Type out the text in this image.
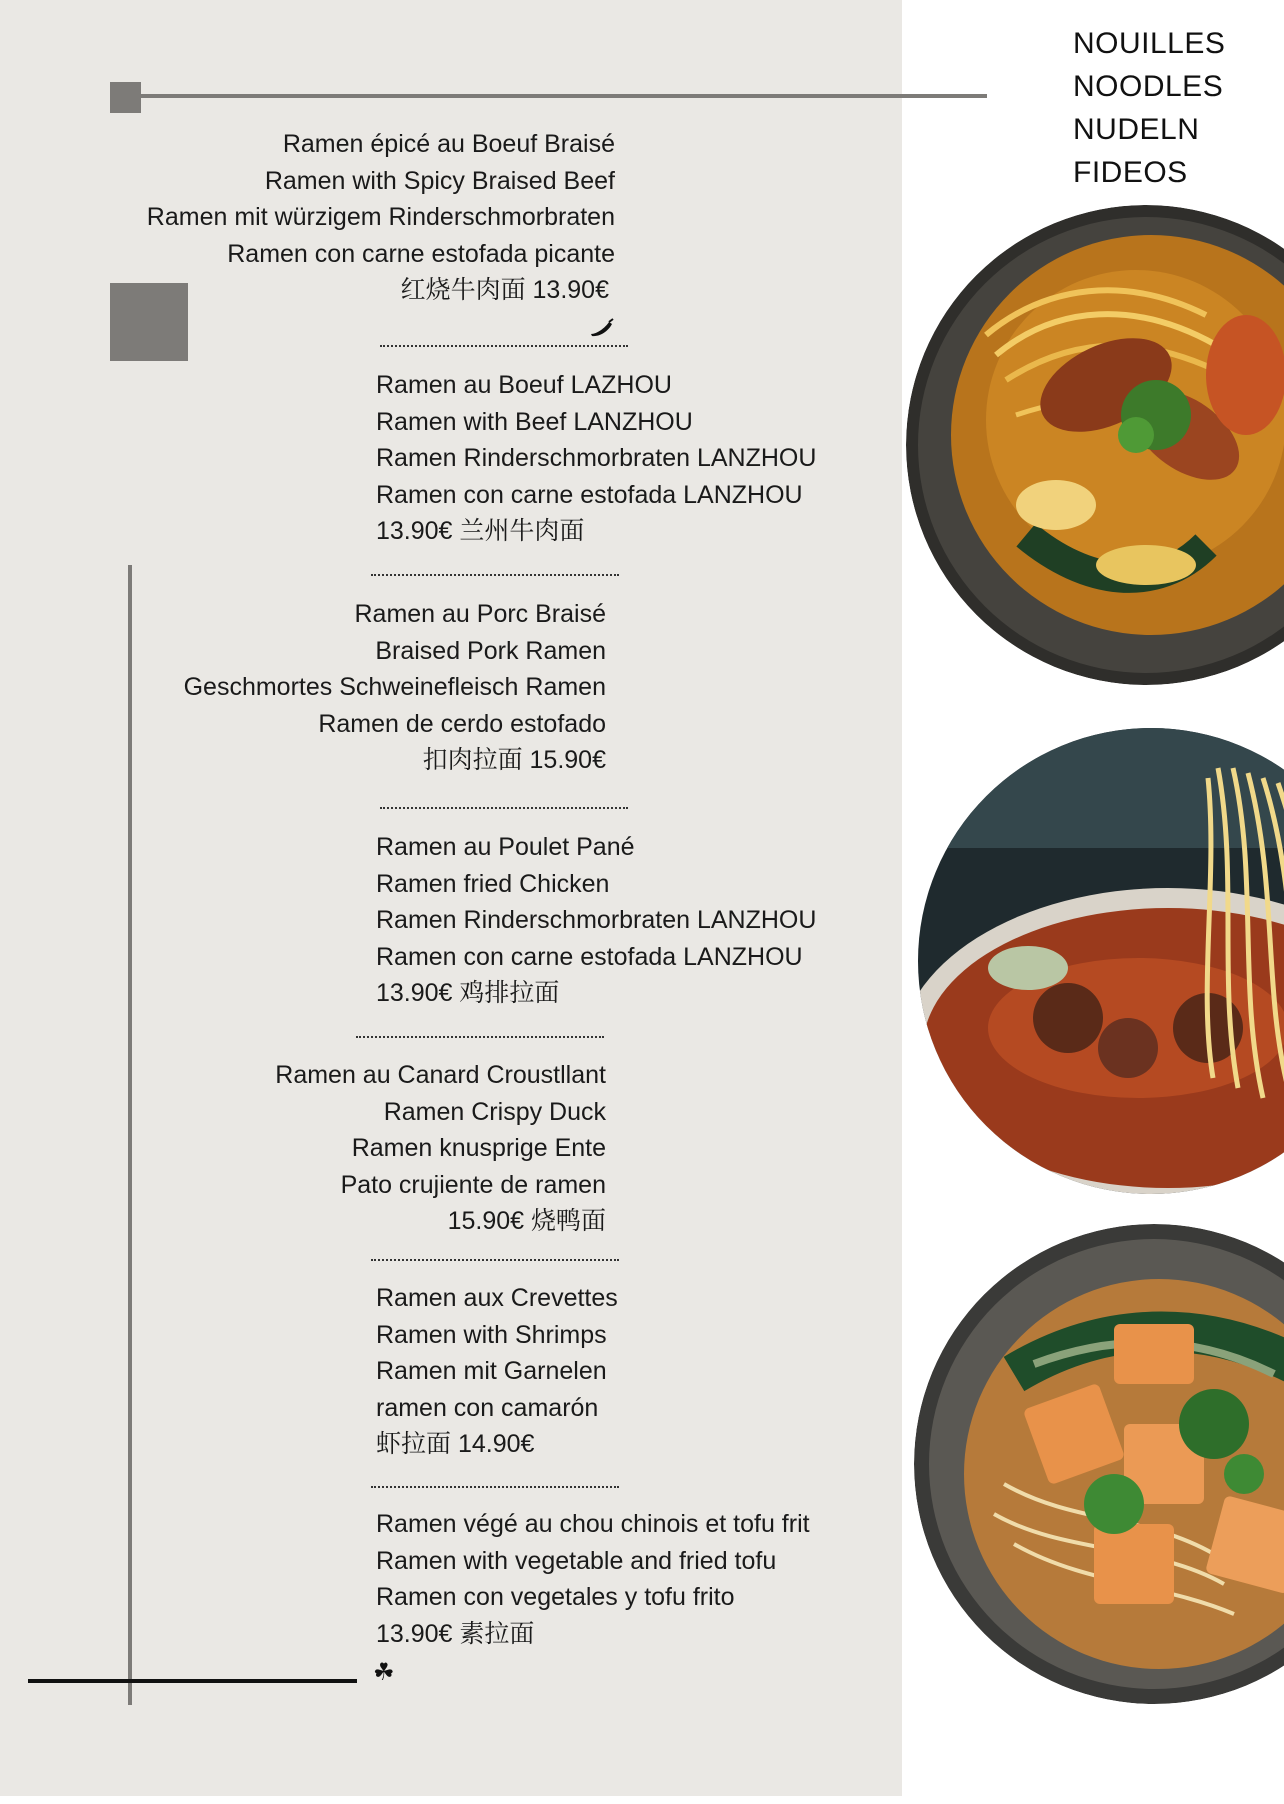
NOUILLES
NOODLES
NUDELN
FIDEOS
Ramen épicé au Boeuf Braisé
Ramen with Spicy Braised Beef
Ramen mit würzigem Rinderschmorbraten
Ramen con carne estofada picante
红烧牛肉面 13.90€
Ramen au Boeuf LAZHOU
Ramen with Beef LANZHOU
Ramen Rinderschmorbraten LANZHOU
Ramen con carne estofada LANZHOU
13.90€ 兰州牛肉面
Ramen au Porc Braisé
Braised Pork Ramen
Geschmortes Schweinefleisch Ramen
Ramen de cerdo estofado
扣肉拉面 15.90€
Ramen au Poulet Pané
Ramen fried Chicken
Ramen Rinderschmorbraten LANZHOU
Ramen con carne estofada LANZHOU
13.90€ 鸡排拉面
Ramen au Canard Croustllant
Ramen Crispy Duck
Ramen knusprige Ente
Pato crujiente de ramen
15.90€ 烧鸭面
Ramen aux Crevettes
Ramen with Shrimps
Ramen mit Garnelen
ramen con camarón
虾拉面 14.90€
Ramen végé au chou chinois et tofu frit
Ramen with vegetable and fried tofu
Ramen con vegetales y tofu frito
13.90€ 素拉面
☘
